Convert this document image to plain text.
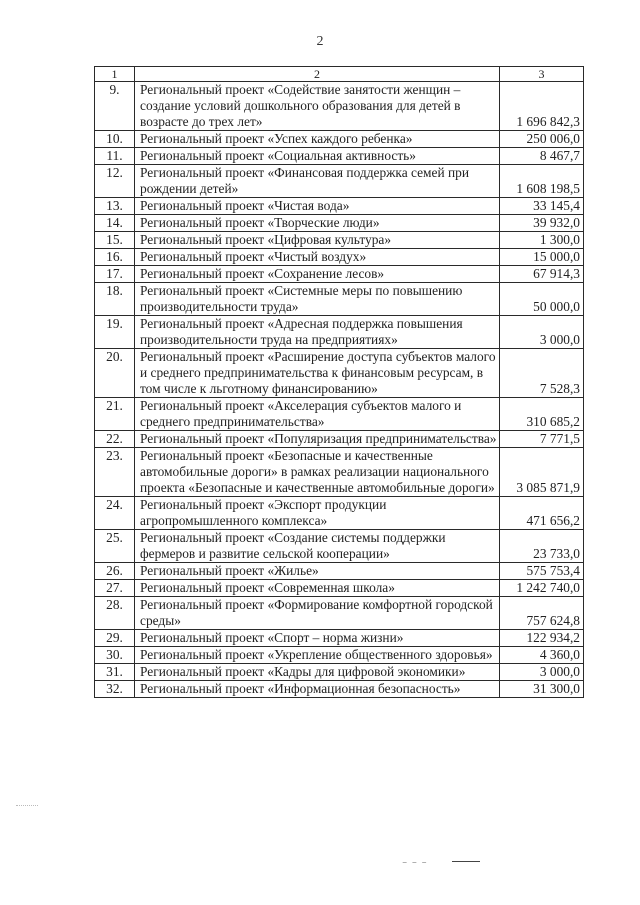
2
1	2	3
9.	Региональный проект «Содействие занятости женщин – создание условий дошкольного образования для детей в возрасте до трех лет»	1 696 842,3
10.	Региональный проект «Успех каждого ребенка»	250 006,0
11.	Региональный проект «Социальная активность»	8 467,7
12.	Региональный проект «Финансовая поддержка семей при рождении детей»	1 608 198,5
13.	Региональный проект «Чистая вода»	33 145,4
14.	Региональный проект «Творческие люди»	39 932,0
15.	Региональный проект «Цифровая культура»	1 300,0
16.	Региональный проект «Чистый воздух»	15 000,0
17.	Региональный проект «Сохранение лесов»	67 914,3
18.	Региональный проект «Системные меры по повышению производительности труда»	50 000,0
19.	Региональный проект «Адресная поддержка повышения производительности труда на предприятиях»	3 000,0
20.	Региональный проект «Расширение доступа субъектов малого и среднего предпринимательства к финансовым ресурсам, в том числе к льготному финансированию»	7 528,3
21.	Региональный проект «Акселерация субъектов малого и среднего предпринимательства»	310 685,2
22.	Региональный проект «Популяризация предпринимательства»	7 771,5
23.	Региональный проект «Безопасные и качественные автомобильные дороги» в рамках реализации национального проекта «Безопасные и качественные автомобильные дороги»	3 085 871,9
24.	Региональный проект «Экспорт продукции агропромышленного комплекса»	471 656,2
25.	Региональный проект «Создание системы поддержки фермеров и развитие сельской кооперации»	23 733,0
26.	Региональный проект «Жилье»	575 753,4
27.	Региональный проект «Современная школа»	1 242 740,0
28.	Региональный проект «Формирование комфортной городской среды»	757 624,8
29.	Региональный проект «Спорт – норма жизни»	122 934,2
30.	Региональный проект «Укрепление общественного здоровья»	4 360,0
31.	Региональный проект «Кадры для цифровой экономики»	3 000,0
32.	Региональный проект «Информационная безопасность»	31 300,0
⁻ ⁻ ⁻
